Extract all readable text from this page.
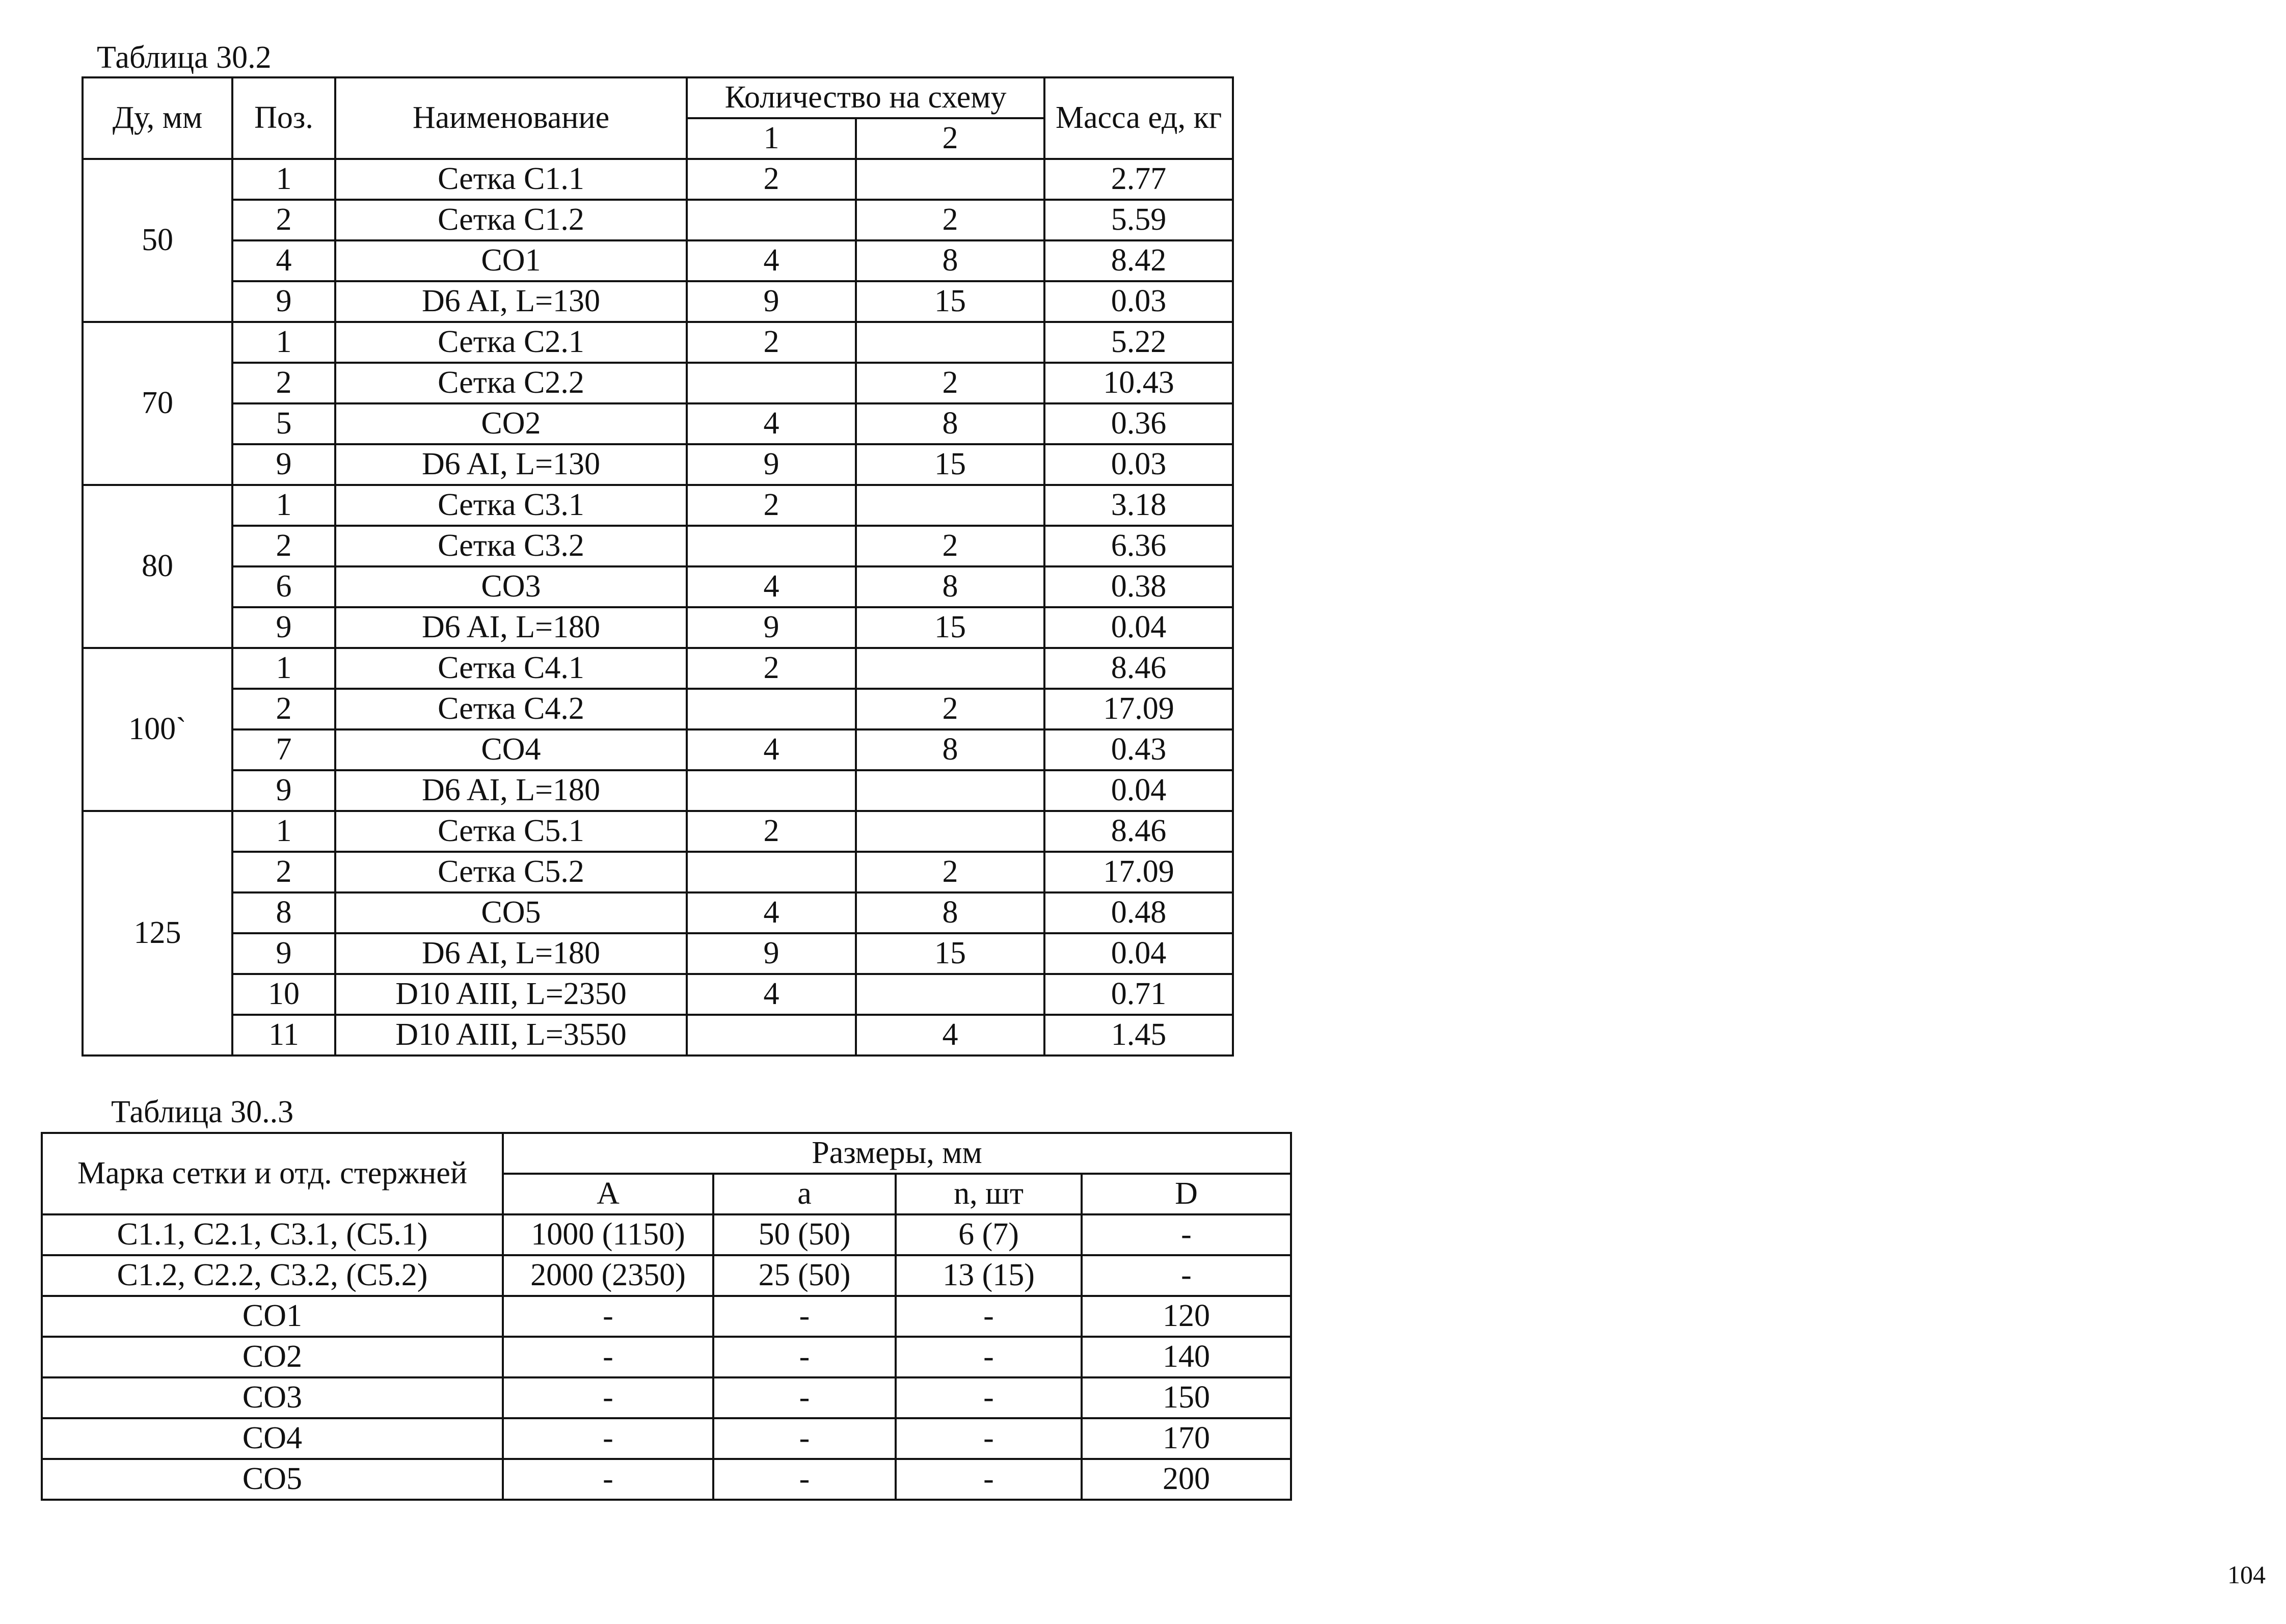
Таблица 30.2
Ду, мм	Поз.	Наименование	Количество на схему		Масса ед, кг
			1	2	
50	1	Сетка С1.1	2		2.77
	2	Сетка С1.2		2	5.59
	4	СО1	4	8	8.42
	9	D6 AI, L=130	9	15	0.03
70	1	Сетка С2.1	2		5.22
	2	Сетка С2.2		2	10.43
	5	СО2	4	8	0.36
	9	D6 AI, L=130	9	15	0.03
80	1	Сетка С3.1	2		3.18
	2	Сетка С3.2		2	6.36
	6	СО3	4	8	0.38
	9	D6 AI, L=180	9	15	0.04
100`	1	Сетка С4.1	2		8.46
	2	Сетка С4.2		2	17.09
	7	СО4	4	8	0.43
	9	D6 AI, L=180			0.04
125	1	Сетка С5.1	2		8.46
	2	Сетка С5.2		2	17.09
	8	СО5	4	8	0.48
	9	D6 AI, L=180	9	15	0.04
	10	D10 AIII, L=2350	4		0.71
	11	D10 AIII, L=3550		4	1.45
Таблица 30..3
Марка сетки и отд. стержней	Размеры, мм			
	A	a	n, шт	D
С1.1, С2.1, С3.1, (С5.1)	1000 (1150)	50 (50)	6 (7)	-
С1.2, С2.2, С3.2, (С5.2)	2000 (2350)	25 (50)	13 (15)	-
СО1	-	-	-	120
СО2	-	-	-	140
СО3	-	-	-	150
СО4	-	-	-	170
СО5	-	-	-	200
104
